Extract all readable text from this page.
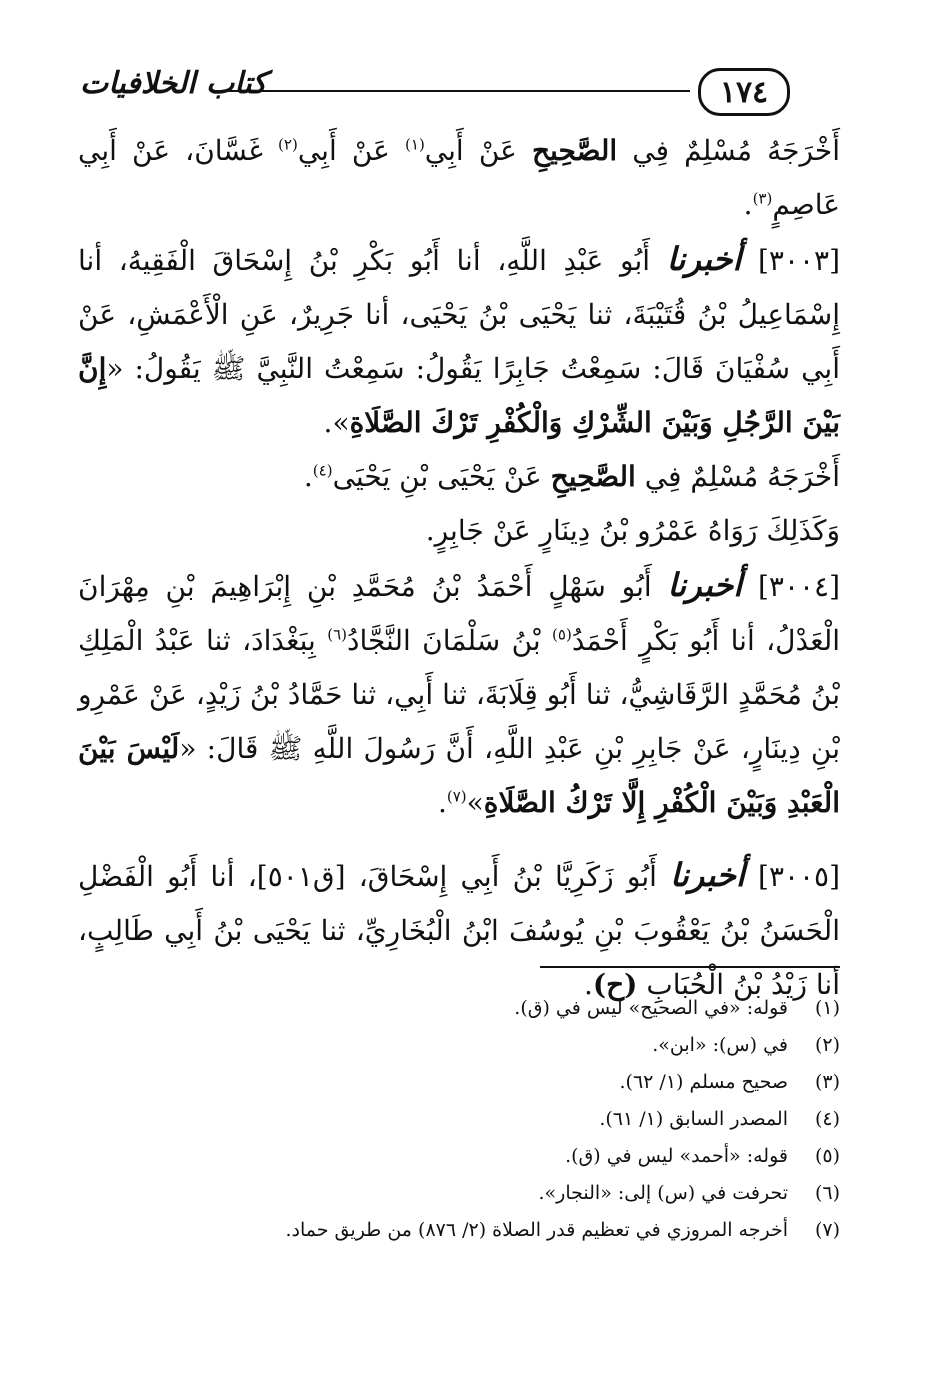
١٧٤
كتاب الخلافيات

أَخْرَجَهُ مُسْلِمٌ فِي الصَّحِيحِ عَنْ أَبِي$^{(١)}$ عَنْ أَبِي$^{(٢)}$ غَسَّانَ، عَنْ أَبِي عَاصِمٍ$^{(٣)}$.

[٣٠٠٣] أخبرنا أَبُو عَبْدِ اللَّهِ، أنا أَبُو بَكْرِ بْنُ إِسْحَاقَ الْفَقِيهُ، أنا إِسْمَاعِيلُ بْنُ قُتَيْبَةَ، ثنا يَحْيَى بْنُ يَحْيَى، أنا جَرِيرٌ، عَنِ الْأَعْمَشِ، عَنْ أَبِي سُفْيَانَ قَالَ: سَمِعْتُ جَابِرًا يَقُولُ: سَمِعْتُ النَّبِيَّ ﷺ يَقُولُ: «إِنَّ بَيْنَ الرَّجُلِ وَبَيْنَ الشِّرْكِ وَالْكُفْرِ تَرْكَ الصَّلَاةِ».

أَخْرَجَهُ مُسْلِمٌ فِي الصَّحِيحِ عَنْ يَحْيَى بْنِ يَحْيَى$^{(٤)}$.

وَكَذَلِكَ رَوَاهُ عَمْرُو بْنُ دِينَارٍ عَنْ جَابِرٍ.

[٣٠٠٤] أخبرنا أَبُو سَهْلٍ أَحْمَدُ بْنُ مُحَمَّدِ بْنِ إِبْرَاهِيمَ بْنِ مِهْرَانَ الْعَدْلُ، أنا أَبُو بَكْرٍ أَحْمَدُ$^{(٥)}$ بْنُ سَلْمَانَ النَّجَّادُ$^{(٦)}$ بِبَغْدَادَ، ثنا عَبْدُ الْمَلِكِ بْنُ مُحَمَّدٍ الرَّقَاشِيُّ، ثنا أَبُو قِلَابَةَ، ثنا أَبِي، ثنا حَمَّادُ بْنُ زَيْدٍ، عَنْ عَمْرِو بْنِ دِينَارٍ، عَنْ جَابِرِ بْنِ عَبْدِ اللَّهِ، أَنَّ رَسُولَ اللَّهِ ﷺ قَالَ: «لَيْسَ بَيْنَ الْعَبْدِ وَبَيْنَ الْكُفْرِ إِلَّا تَرْكُ الصَّلَاةِ»$^{(٧)}$.

[٣٠٠٥] أخبرنا أَبُو زَكَرِيَّا بْنُ أَبِي إِسْحَاقَ، [ق٥٠١]، أنا أَبُو الْفَضْلِ الْحَسَنُ بْنُ يَعْقُوبَ بْنِ يُوسُفَ ابْنُ الْبُخَارِيِّ، ثنا يَحْيَى بْنُ أَبِي طَالِبٍ، أنا زَيْدُ بْنُ الْحُبَابِ (ح).

(١)
قوله: «في الصحيح» ليس في (ق).
(٢)
في (س): «ابن».
(٣)
صحيح مسلم (١/ ٦٢).
(٤)
المصدر السابق (١/ ٦١).
(٥)
قوله: «أحمد» ليس في (ق).
(٦)
تحرفت في (س) إلى: «النجار».
(٧)
أخرجه المروزي في تعظيم قدر الصلاة (٢/ ٨٧٦) من طريق حماد.
